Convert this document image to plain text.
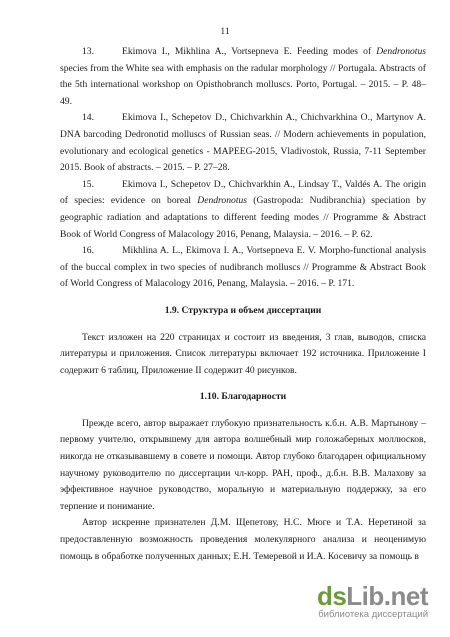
11

13.	Ekimova I., Mikhlina A., Vortsepneva E. Feeding modes of Dendronotus species from the White sea with emphasis on the radular morphology // Portugala. Abstracts of the 5th international workshop on Opisthobranch molluscs. Porto, Portugal. – 2015. – P. 48–49.

14.	Ekimova I., Schepetov D., Chichvarkhin A., Chichvarkhina O., Martynov A. DNA barcoding Dedronotid molluscs of Russian seas. // Modern achievements in population, evolutionary and ecological genetics - MAPEEG-2015, Vladivostok, Russia, 7-11 September 2015. Book of abstracts. – 2015. – P. 27–28.

15.	Ekimova I., Schepetov D., Chichvarkhin A., Lindsay T., Valdés A. The origin of species: evidence on boreal Dendronotus (Gastropoda: Nudibranchia) speciation by geographic radiation and adaptations to different feeding modes // Programme & Abstract Book of World Congress of Malacology 2016, Penang, Malaysia. – 2016. – P. 62.

16.	Mikhlina A. L., Ekimova I. A., Vortsepneva E. V. Morpho-functional analysis of the buccal complex in two species of nudibranch molluscs // Programme & Abstract Book of World Congress of Malacology 2016, Penang, Malaysia. – 2016. – P. 171.

1.9. Структура и объем диссертации

Текст изложен на 220 страницах и состоит из введения, 3 глав, выводов, списка литературы и приложения. Список литературы включает 192 источника. Приложение I содержит 6 таблиц, Приложение II содержит 40 рисунков.

1.10. Благодарности

Прежде всего, автор выражает глубокую признательность к.б.н. А.В. Мартынову – первому учителю, открывшему для автора волшебный мир голожаберных моллюсков, никогда не отказывавшему в совете и помощи. Автор глубоко благодарен официальному научному руководителю по диссертации чл-корр. РАН, проф., д.б.н. В.В. Малахову за эффективное научное руководство, моральную и материальную поддержку, за его терпение и понимание.

Автор искренне признателен Д.М. Щепетову, Н.С. Мюге и Т.А. Неретиной за предоставленную возможность проведения молекулярного анализа и неоценимую помощь в обработке полученных данных; Е.Н. Темеревой и И.А. Косевичу за помощь в

dsLib.net
библиотека диссертаций
